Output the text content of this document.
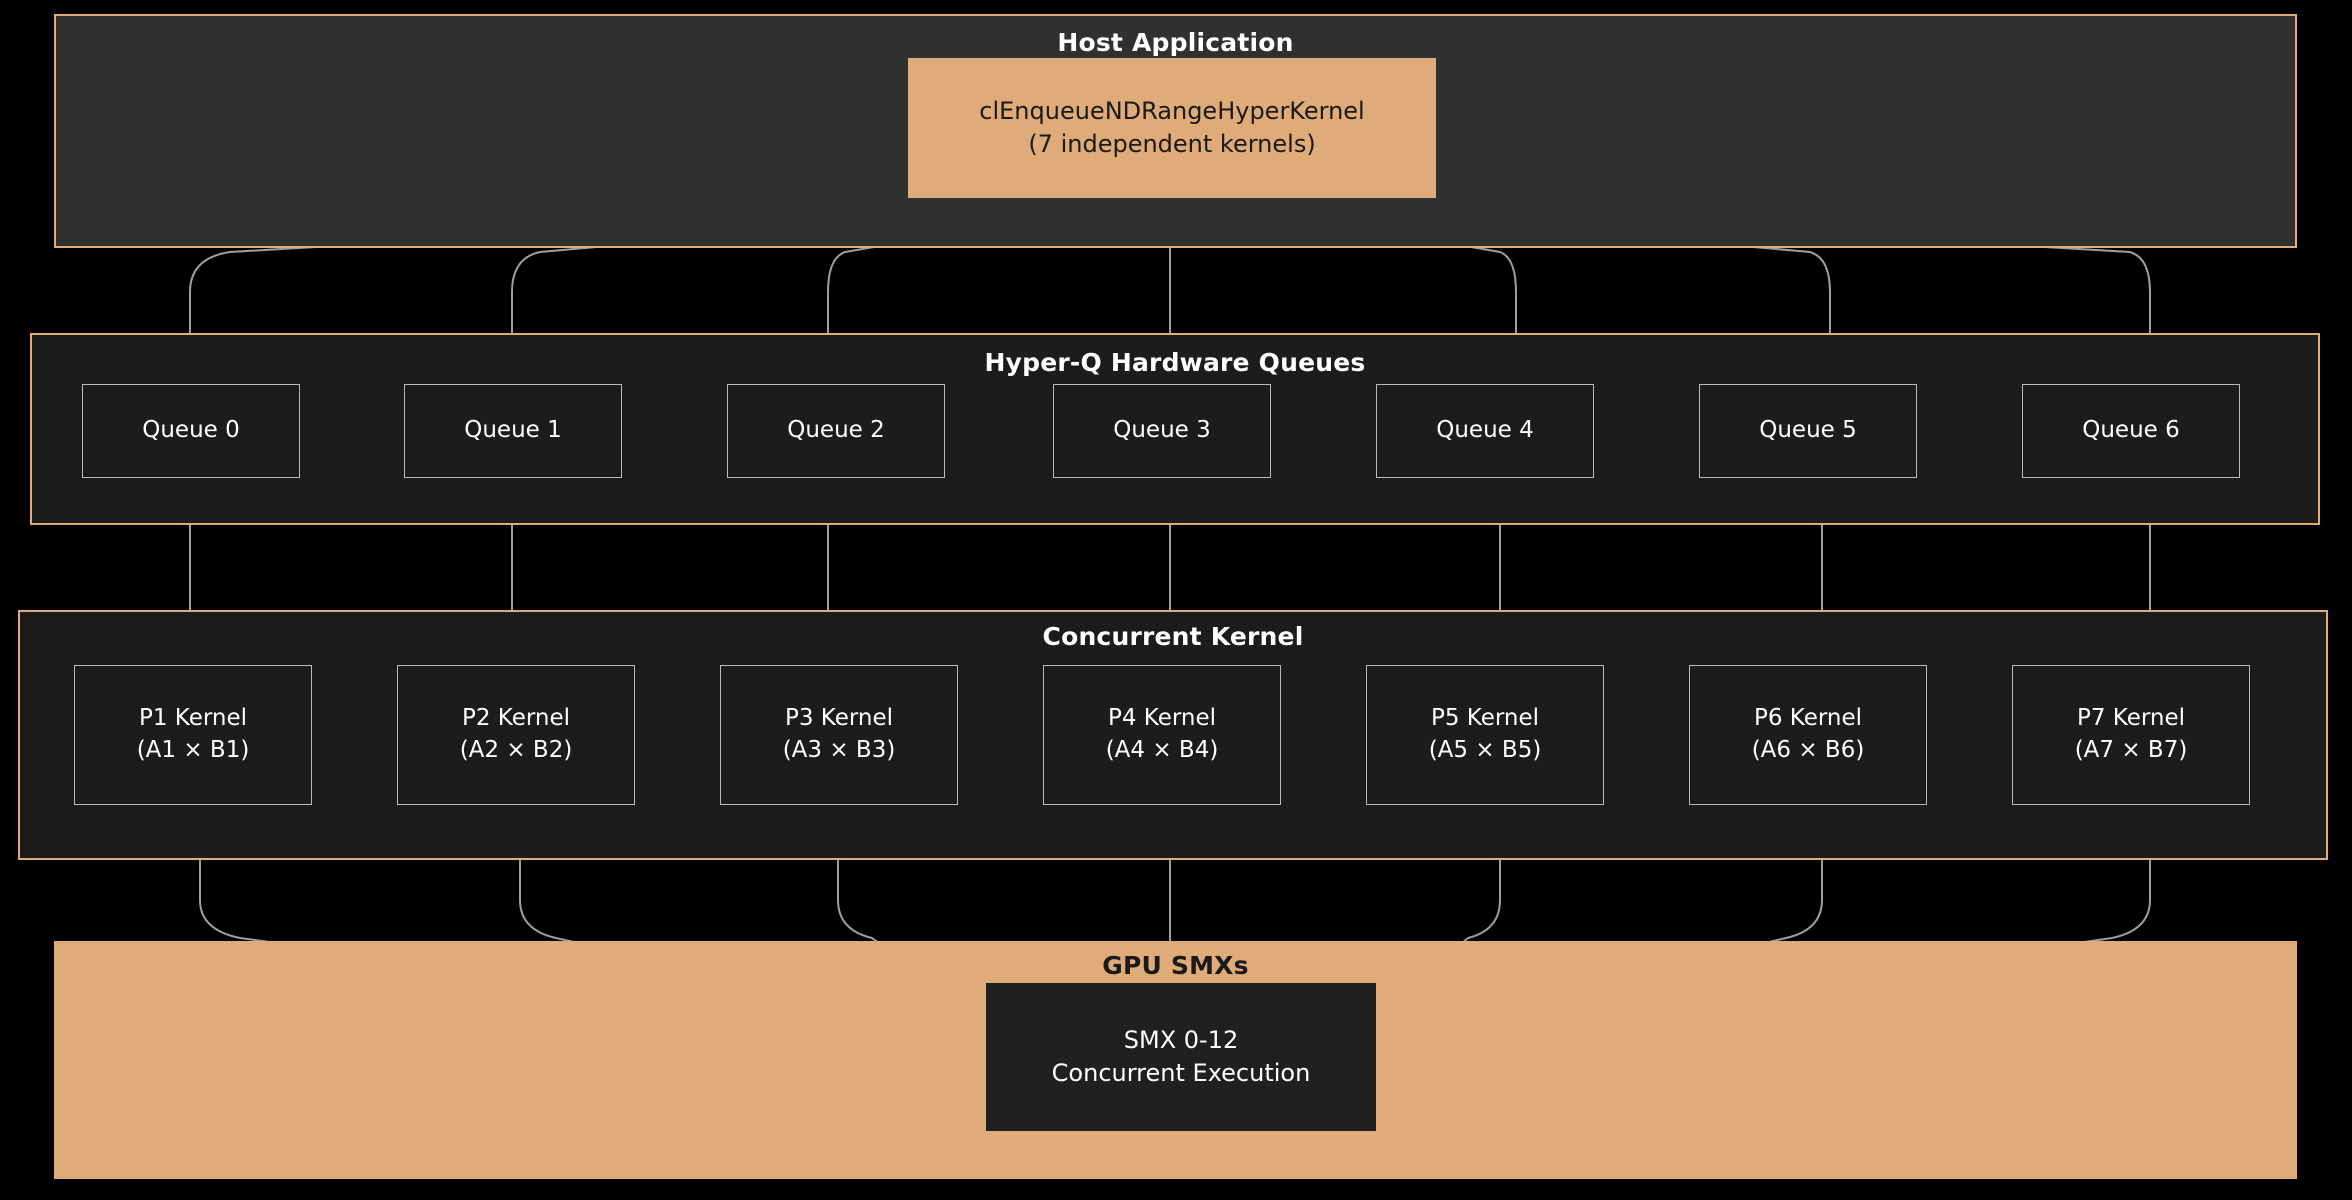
Host Application
clEnqueueNDRangeHyperKernel
(7 independent kernels)
Hyper-Q Hardware Queues
Queue 0	Queue 1	Queue 2	Queue 3	Queue 4	Queue 5	Queue 6
Concurrent Kernel
P1 Kernel
(A1 × B1)
P2 Kernel
(A2 × B2)
P3 Kernel
(A3 × B3)
P4 Kernel
(A4 × B4)
P5 Kernel
(A5 × B5)
P6 Kernel
(A6 × B6)
P7 Kernel
(A7 × B7)
GPU SMXs
SMX 0-12
Concurrent Execution
